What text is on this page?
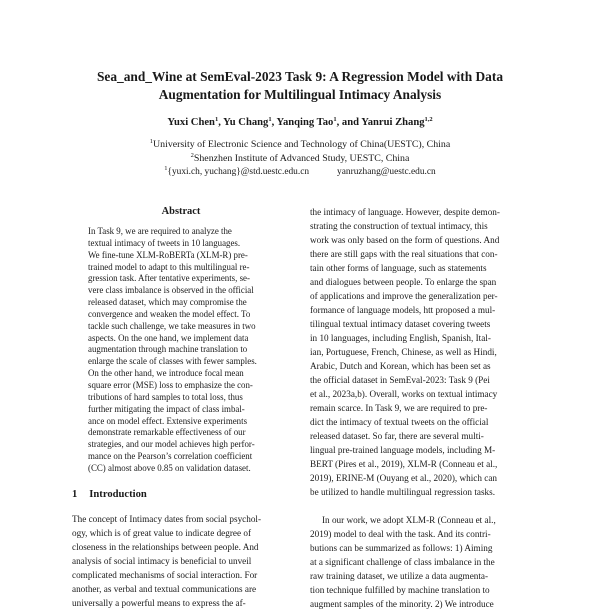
Sea_and_Wine at SemEval-2023 Task 9: A Regression Model with Data
Augmentation for Multilingual Intimacy Analysis
Yuxi Chen$^1$, Yu Chang$^1$, Yanqing Tao$^1$, and Yanrui Zhang$^{1,2}$
$^1$University of Electronic Science and Technology of China(UESTC), China
$^2$Shenzhen Institute of Advanced Study, UESTC, China
$^1${yuxi.ch, yuchang}@std.uestc.edu.cn	yanruzhang@uestc.edu.cn
Abstract
In Task 9, we are required to analyze the
textual intimacy of tweets in 10 languages.
We fine-tune XLM-RoBERTa (XLM-R) pre-
trained model to adapt to this multilingual re-
gression task. After tentative experiments, se-
vere class imbalance is observed in the official
released dataset, which may compromise the
convergence and weaken the model effect. To
tackle such challenge, we take measures in two
aspects. On the one hand, we implement data
augmentation through machine translation to
enlarge the scale of classes with fewer samples.
On the other hand, we introduce focal mean
square error (MSE) loss to emphasize the con-
tributions of hard samples to total loss, thus
further mitigating the impact of class imbal-
ance on model effect. Extensive experiments
demonstrate remarkable effectiveness of our
strategies, and our model achieves high perfor-
mance on the Pearson’s correlation coefficient
(CC) almost above 0.85 on validation dataset.
1 Introduction
The concept of Intimacy dates from social psychol-
ogy, which is of great value to indicate degree of
closeness in the relationships between people. And
analysis of social intimacy is beneficial to unveil
complicated mechanisms of social interaction. For
another, as verbal and textual communications are
universally a powerful means to express the af-
the intimacy of language. However, despite demon-
strating the construction of textual intimacy, this
work was only based on the form of questions. And
there are still gaps with the real situations that con-
tain other forms of language, such as statements
and dialogues between people. To enlarge the span
of applications and improve the generalization per-
formance of language models, htt proposed a mul-
tilingual textual intimacy dataset covering tweets
in 10 languages, including English, Spanish, Ital-
ian, Portuguese, French, Chinese, as well as Hindi,
Arabic, Dutch and Korean, which has been set as
the official dataset in SemEval-2023: Task 9 (Pei
et al., 2023a,b). Overall, works on textual intimacy
remain scarce. In Task 9, we are required to pre-
dict the intimacy of textual tweets on the official
released dataset. So far, there are several multi-
lingual pre-trained language models, including M-
BERT (Pires et al., 2019), XLM-R (Conneau et al.,
2019), ERINE-M (Ouyang et al., 2020), which can
be utilized to handle multilingual regression tasks.
In our work, we adopt XLM-R (Conneau et al.,
2019) model to deal with the task. And its contri-
butions can be summarized as follows: 1) Aiming
at a significant challenge of class imbalance in the
raw training dataset, we utilize a data augmenta-
tion technique fulfilled by machine translation to
augment samples of the minority. 2) We introduce
